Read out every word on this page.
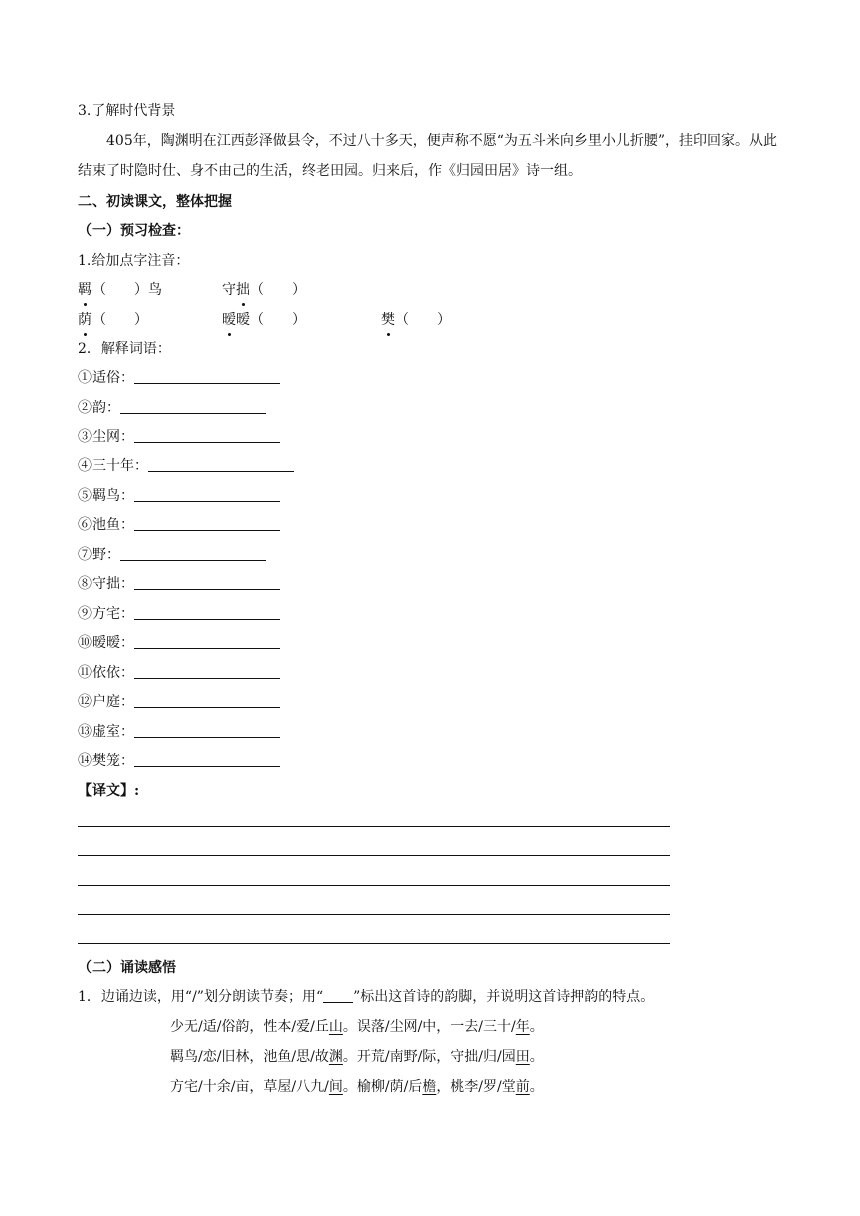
3.了解时代背景
405年，陶渊明在江西彭泽做县令，不过八十多天，便声称不愿“为五斗米向乡里小儿折腰”，挂印回家。从此结束了时隐时仕、身不由己的生活，终老田园。归来后，作《归园田居》诗一组。
二、初读课文，整体把握
（一）预习检查：
1.给加点字注音：
羁（　　）鸟	守拙（　　）
荫（　　）	暧暧（　　）	樊（　　）
2．解释词语：
①适俗：
②韵：
③尘网：
④三十年：
⑤羁鸟：
⑥池鱼：
⑦野：
⑧守拙：
⑨方宅：
⑩暧暧：
⑪依依：
⑫户庭：
⑬虚室：
⑭樊笼：
【译文】:
（二）诵读感悟
1．边诵边读，用“/”划分朗读节奏；用“ ”标出这首诗的韵脚，并说明这首诗押韵的特点。
少无/适/俗韵，性本/爱/丘山。误落/尘网/中，一去/三十/年。
羁鸟/恋/旧林，池鱼/思/故渊。开荒/南野/际，守拙/归/园田。
方宅/十余/亩，草屋/八九/间。榆柳/荫/后檐，桃李/罗/堂前。
